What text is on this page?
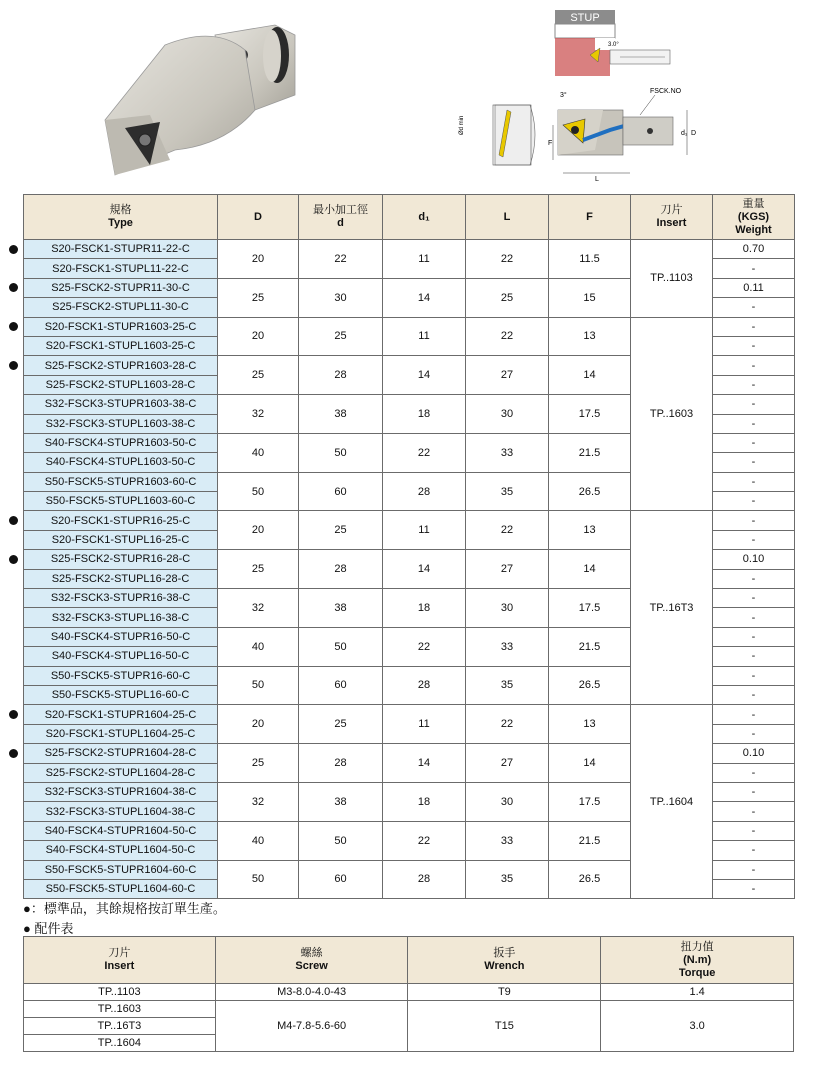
STUP
3.0°
Ød min	d₁ D
F
L
3°
FSCK.NO
規格
Type	D	最小加工徑
d	d₁	L	F	刀片
Insert	重量
(KGS)
Weight

S20-FSCK1-STUPR11-22-C	20	22	11	22	11.5	TP..1103	0.70
S20-FSCK1-STUPL11-22-C							-
S25-FSCK2-STUPR11-30-C	25	30	14	25	15		0.11
S25-FSCK2-STUPL11-30-C							-
S20-FSCK1-STUPR1603-25-C	20	25	11	22	13	TP..1603	-
S20-FSCK1-STUPL1603-25-C							-
S25-FSCK2-STUPR1603-28-C	25	28	14	27	14		-
S25-FSCK2-STUPL1603-28-C							-
S32-FSCK3-STUPR1603-38-C	32	38	18	30	17.5		-
S32-FSCK3-STUPL1603-38-C							-
S40-FSCK4-STUPR1603-50-C	40	50	22	33	21.5		-
S40-FSCK4-STUPL1603-50-C							-
S50-FSCK5-STUPR1603-60-C	50	60	28	35	26.5		-
S50-FSCK5-STUPL1603-60-C							-
S20-FSCK1-STUPR16-25-C	20	25	11	22	13	TP..16T3	-
S20-FSCK1-STUPL16-25-C							-
S25-FSCK2-STUPR16-28-C	25	28	14	27	14		0.10
S25-FSCK2-STUPL16-28-C							-
S32-FSCK3-STUPR16-38-C	32	38	18	30	17.5		-
S32-FSCK3-STUPL16-38-C							-
S40-FSCK4-STUPR16-50-C	40	50	22	33	21.5		-
S40-FSCK4-STUPL16-50-C							-
S50-FSCK5-STUPR16-60-C	50	60	28	35	26.5		-
S50-FSCK5-STUPL16-60-C							-
S20-FSCK1-STUPR1604-25-C	20	25	11	22	13	TP..1604	-
S20-FSCK1-STUPL1604-25-C							-
S25-FSCK2-STUPR1604-28-C	25	28	14	27	14		0.10
S25-FSCK2-STUPL1604-28-C							-
S32-FSCK3-STUPR1604-38-C	32	38	18	30	17.5		-
S32-FSCK3-STUPL1604-38-C							-
S40-FSCK4-STUPR1604-50-C	40	50	22	33	21.5		-
S40-FSCK4-STUPL1604-50-C							-
S50-FSCK5-STUPR1604-60-C	50	60	28	35	26.5		-
S50-FSCK5-STUPL1604-60-C							-
●：標準品，其餘規格按訂單生產。
● 配件表
刀片
Insert	螺絲
Screw	扳手
Wrench	扭力值
(N.m)
Torque

TP..1103	M3-8.0-4.0-43	T9	1.4
TP..1603	M4-7.8-5.6-60	T15	3.0
TP..16T3			
TP..1604			
